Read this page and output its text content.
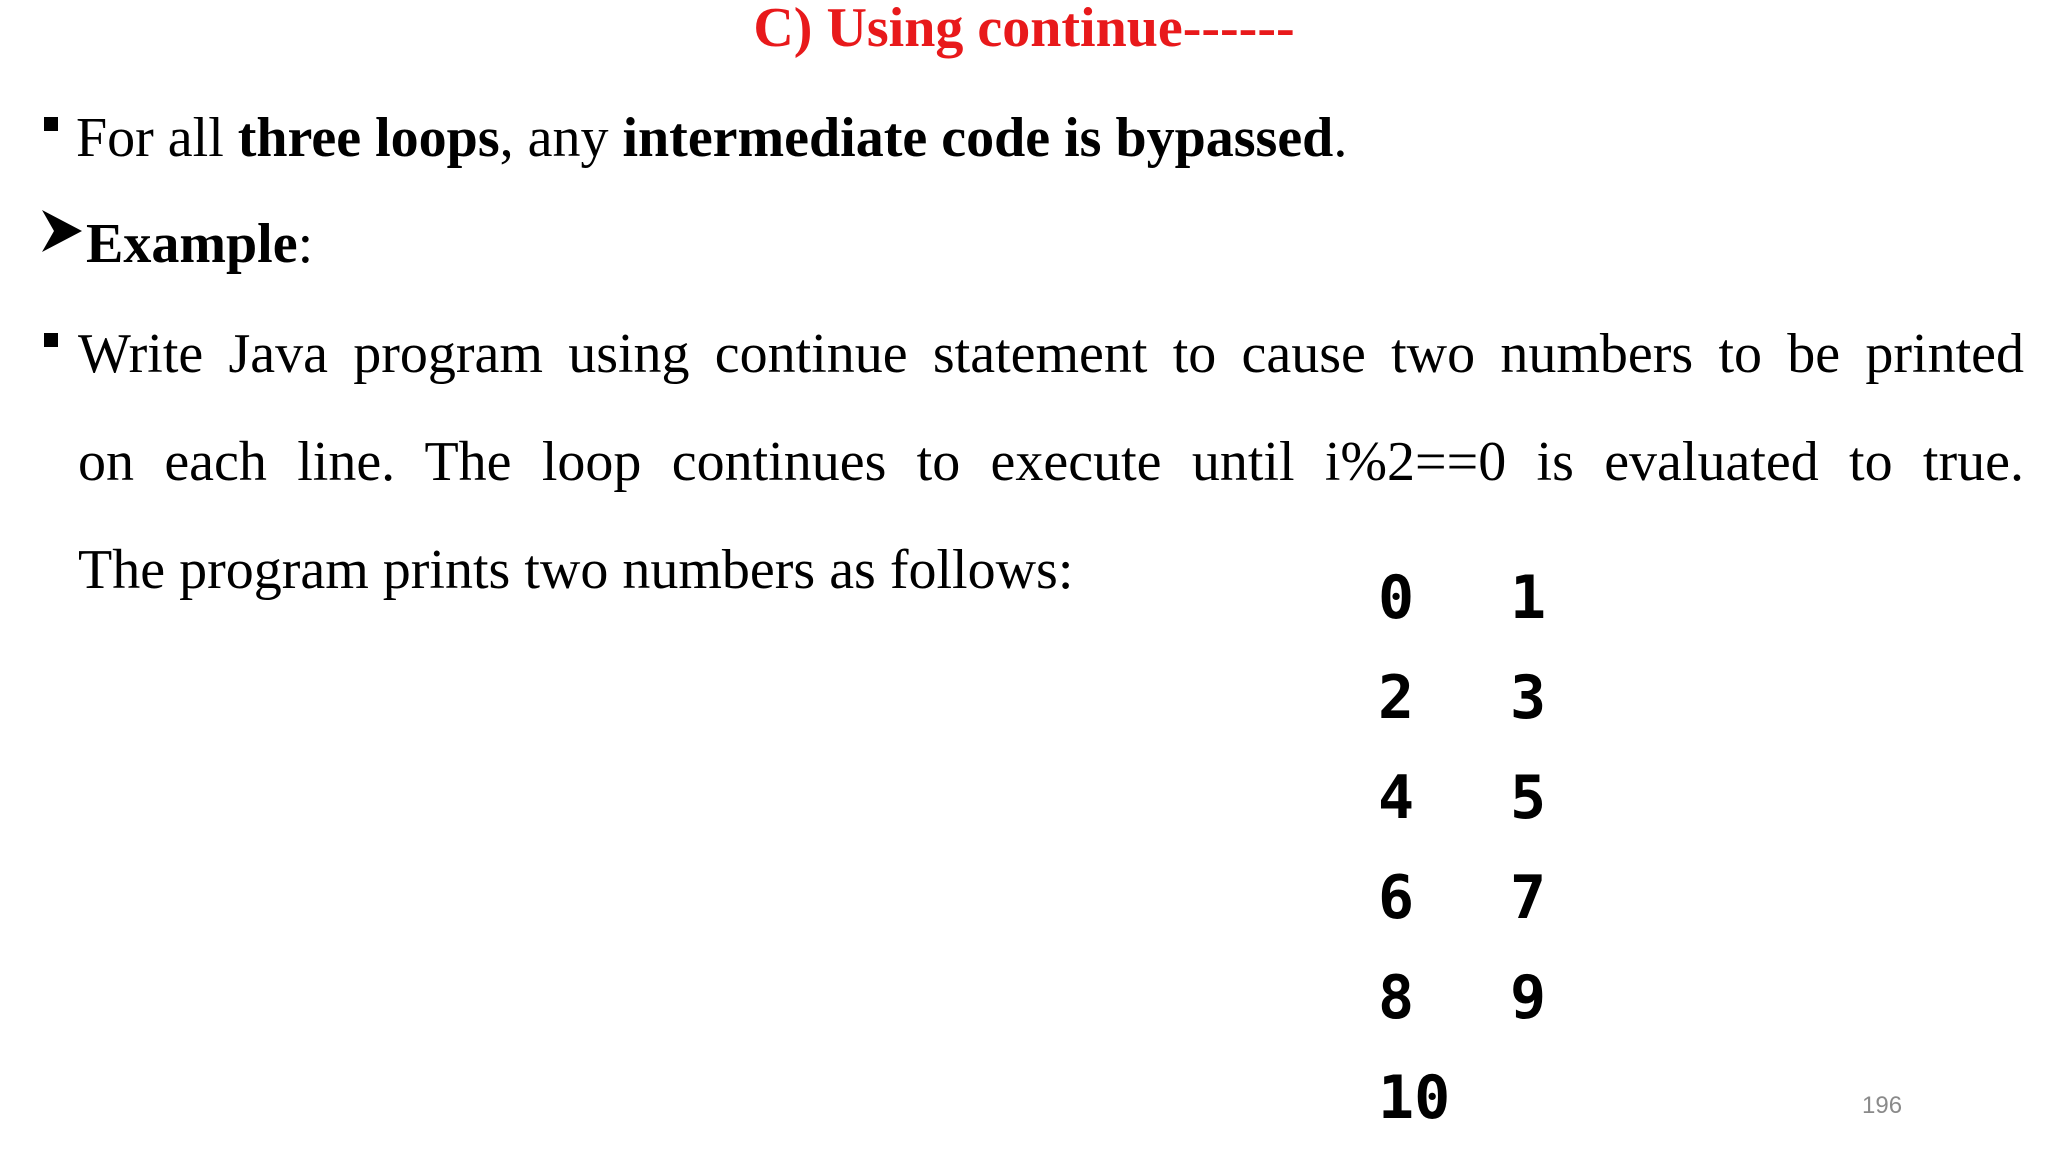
C) Using continue------
For all three loops, any intermediate code is bypassed.
Example:
Write Java program using continue statement to cause two numbers to be printed
on each line. The loop continues to execute until i%2==0 is evaluated to true.
The program prints two numbers as follows:	0 1
2 3
4 5
6 7
8 9
10	196
